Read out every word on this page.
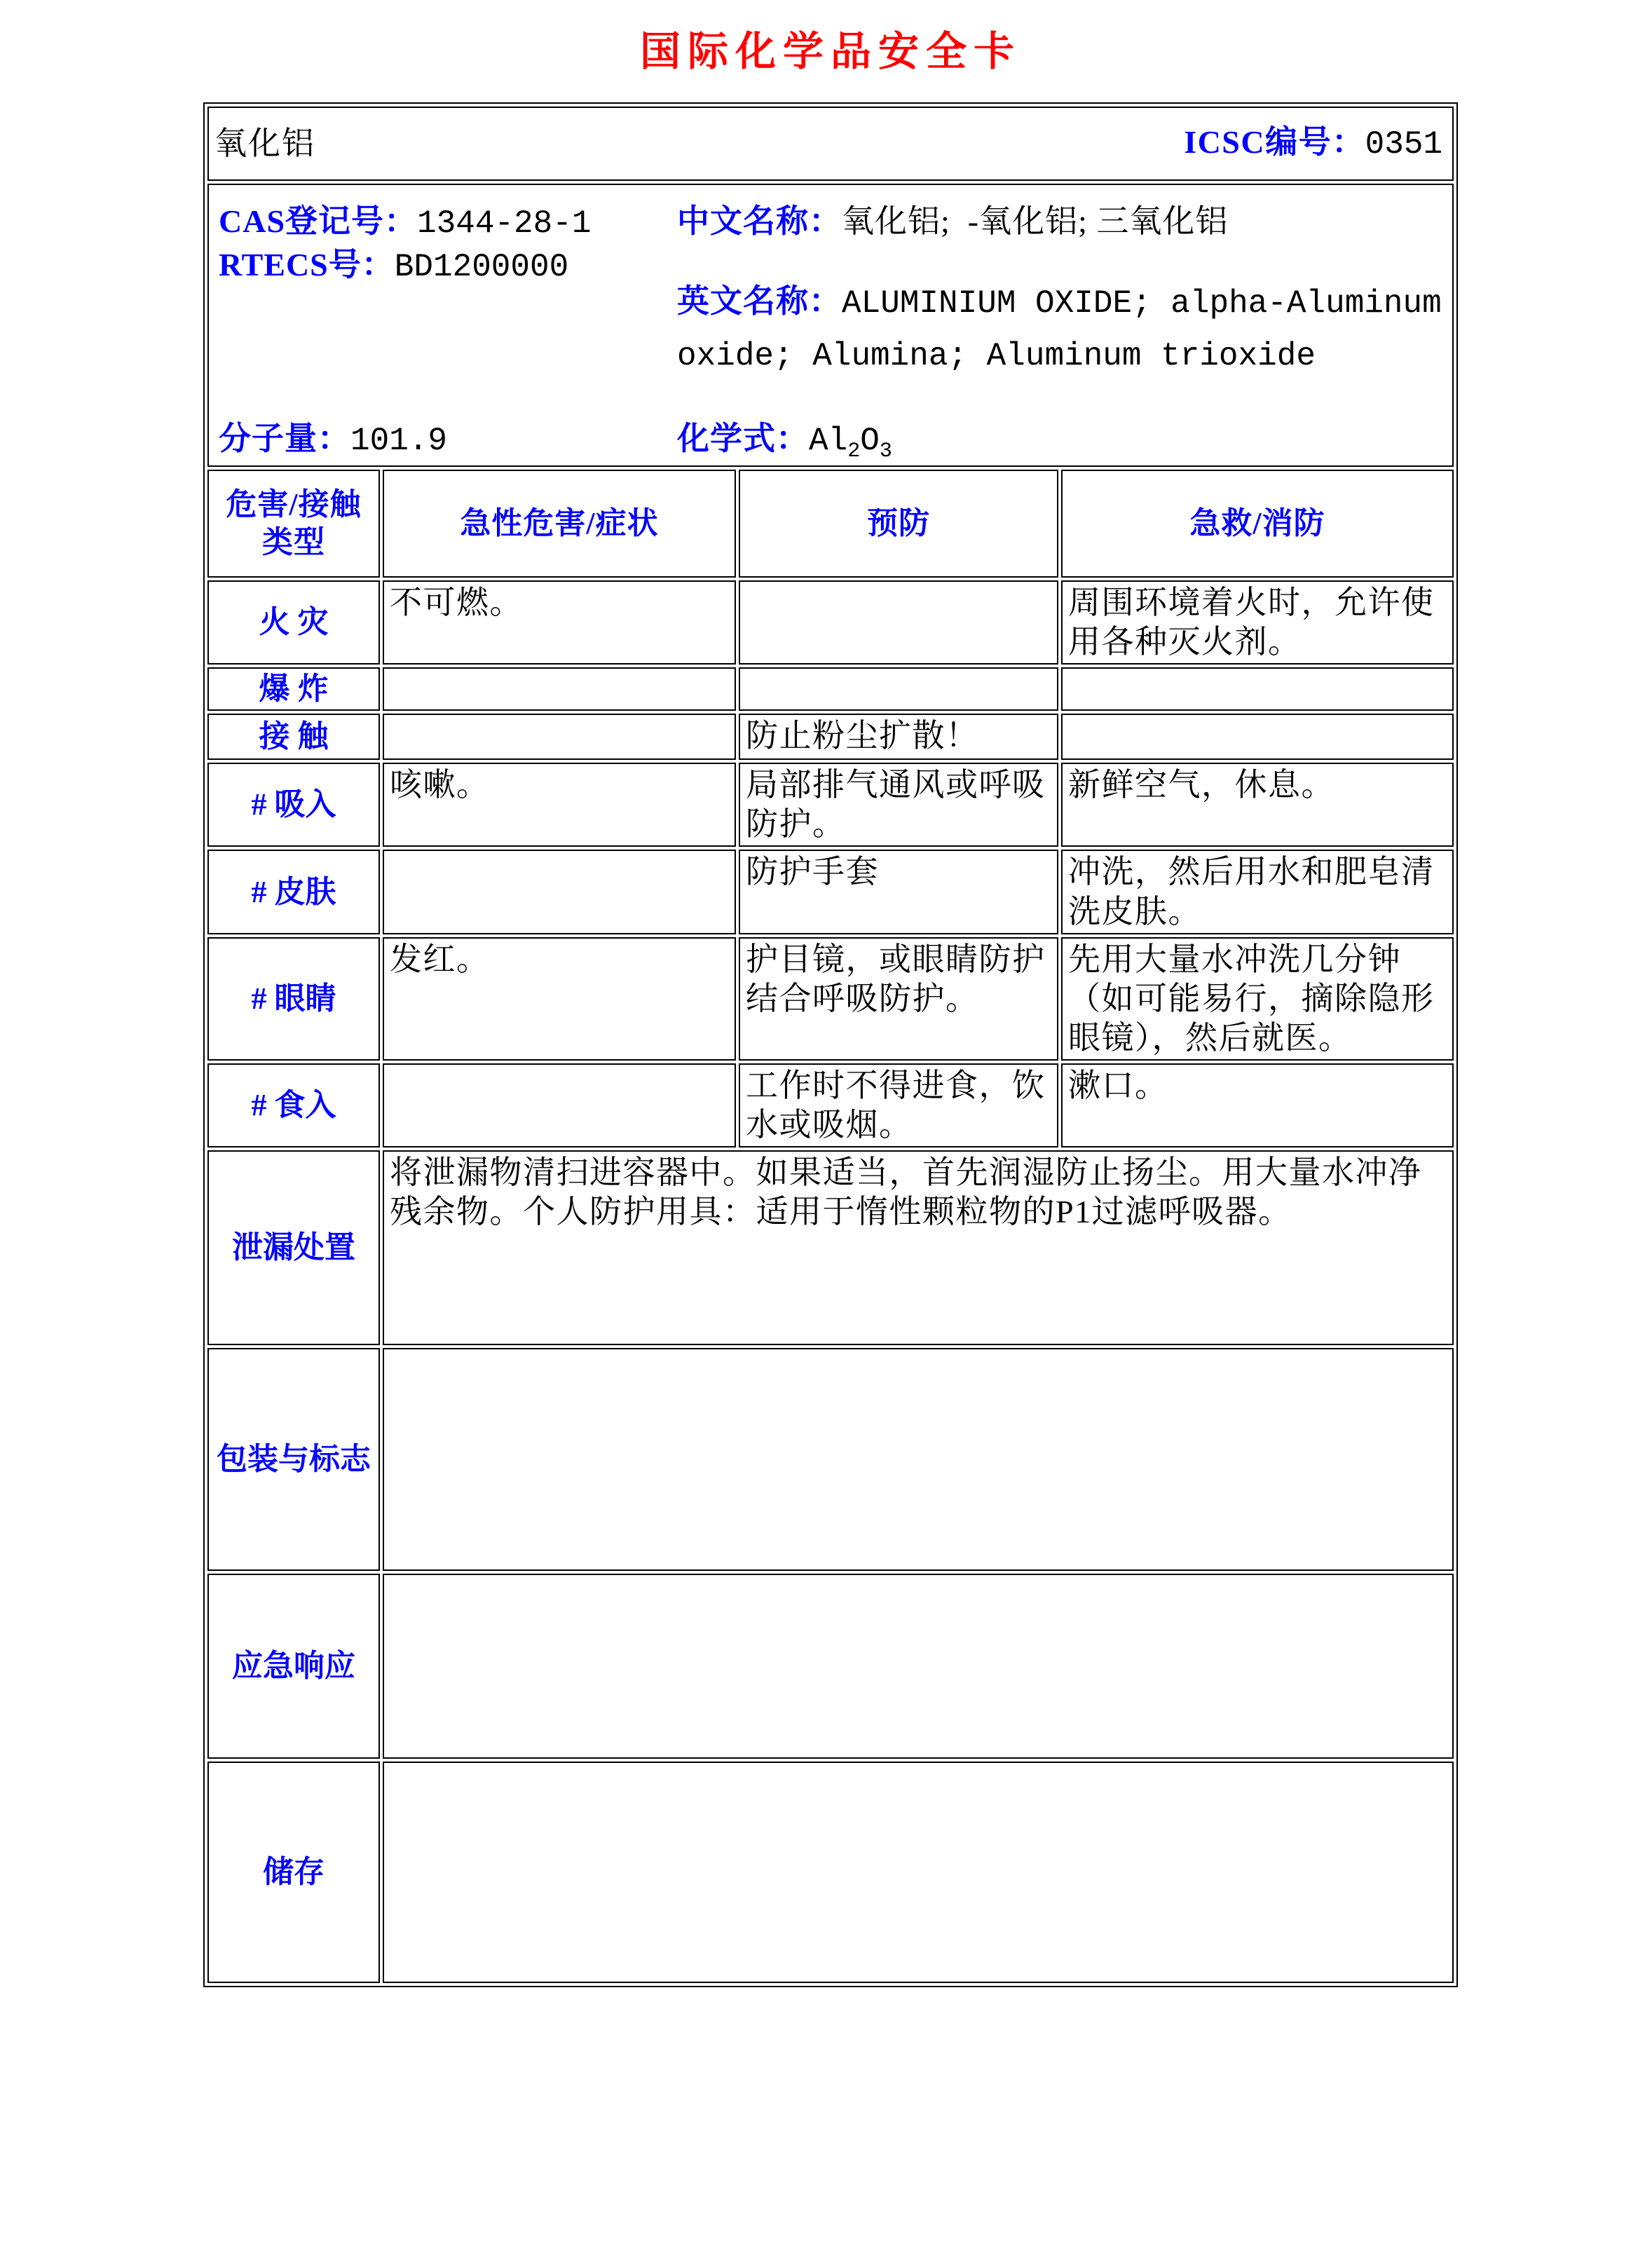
国际化学品安全卡
氧化铝 ICSC编号：0351			

CAS登记号：1344-28-1
RTECS号：BD1200000
中文名称：氧化铝;  -氧化铝; 三氧化铝
英文名称：ALUMINIUM OXIDE; alpha-Aluminum oxide; Alumina; Aluminum trioxide
分子量：101.9	化学式：$Al_2O_3$

危害/接触类型	急性危害/症状	预防	急救/消防
火 灾	不可燃。		周围环境着火时，允许使用各种灭火剂。
爆 炸			
接 触		防止粉尘扩散！	
# 吸入	咳嗽。	局部排气通风或呼吸防护。	新鲜空气，休息。
# 皮肤		防护手套	冲洗，然后用水和肥皂清洗皮肤。
# 眼睛	发红。	护目镜，或眼睛防护结合呼吸防护。	先用大量水冲洗几分钟（如可能易行，摘除隐形眼镜），然后就医。
# 食入		工作时不得进食，饮水或吸烟。	漱口。
泄漏处置	将泄漏物清扫进容器中。如果适当，首先润湿防止扬尘。用大量水冲净残余物。个人防护用具：适用于惰性颗粒物的P1过滤呼吸器。		
包装与标志			
应急响应			
储存			
